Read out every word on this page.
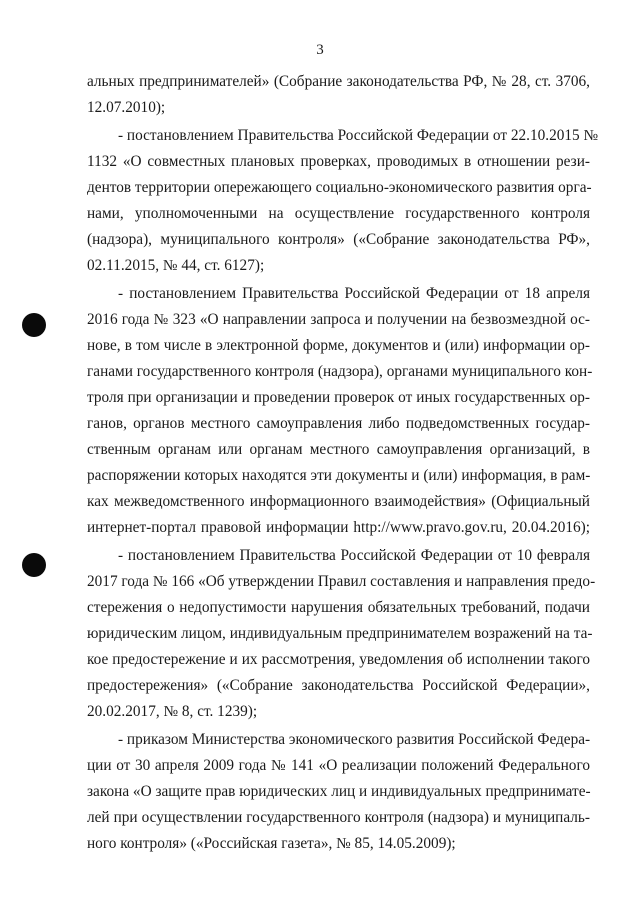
3
альных предпринимателей» (Собрание законодательства РФ, № 28, ст. 3706,
12.07.2010);
- постановлением Правительства Российской Федерации от 22.10.2015 №
1132 «О совместных плановых проверках, проводимых в отношении рези-
дентов территории опережающего социально-экономического развития орга-
нами, уполномоченными на осуществление государственного контроля
(надзора), муниципального контроля» («Собрание законодательства РФ»,
02.11.2015, № 44, ст. 6127);
- постановлением Правительства Российской Федерации от 18 апреля
2016 года № 323 «О направлении запроса и получении на безвозмездной ос-
нове, в том числе в электронной форме, документов и (или) информации ор-
ганами государственного контроля (надзора), органами муниципального кон-
троля при организации и проведении проверок от иных государственных ор-
ганов, органов местного самоуправления либо подведомственных государ-
ственным органам или органам местного самоуправления организаций, в
распоряжении которых находятся эти документы и (или) информация, в рам-
ках межведомственного информационного взаимодействия» (Официальный
интернет-портал правовой информации http://www.pravo.gov.ru, 20.04.2016);
- постановлением Правительства Российской Федерации от 10 февраля
2017 года № 166 «Об утверждении Правил составления и направления предо-
стережения о недопустимости нарушения обязательных требований, подачи
юридическим лицом, индивидуальным предпринимателем возражений на та-
кое предостережение и их рассмотрения, уведомления об исполнении такого
предостережения» («Собрание законодательства Российской Федерации»,
20.02.2017, № 8, ст. 1239);
- приказом Министерства экономического развития Российской Федера-
ции от 30 апреля 2009 года № 141 «О реализации положений Федерального
закона «О защите прав юридических лиц и индивидуальных предпринимате-
лей при осуществлении государственного контроля (надзора) и муниципаль-
ного контроля» («Российская газета», № 85, 14.05.2009);
